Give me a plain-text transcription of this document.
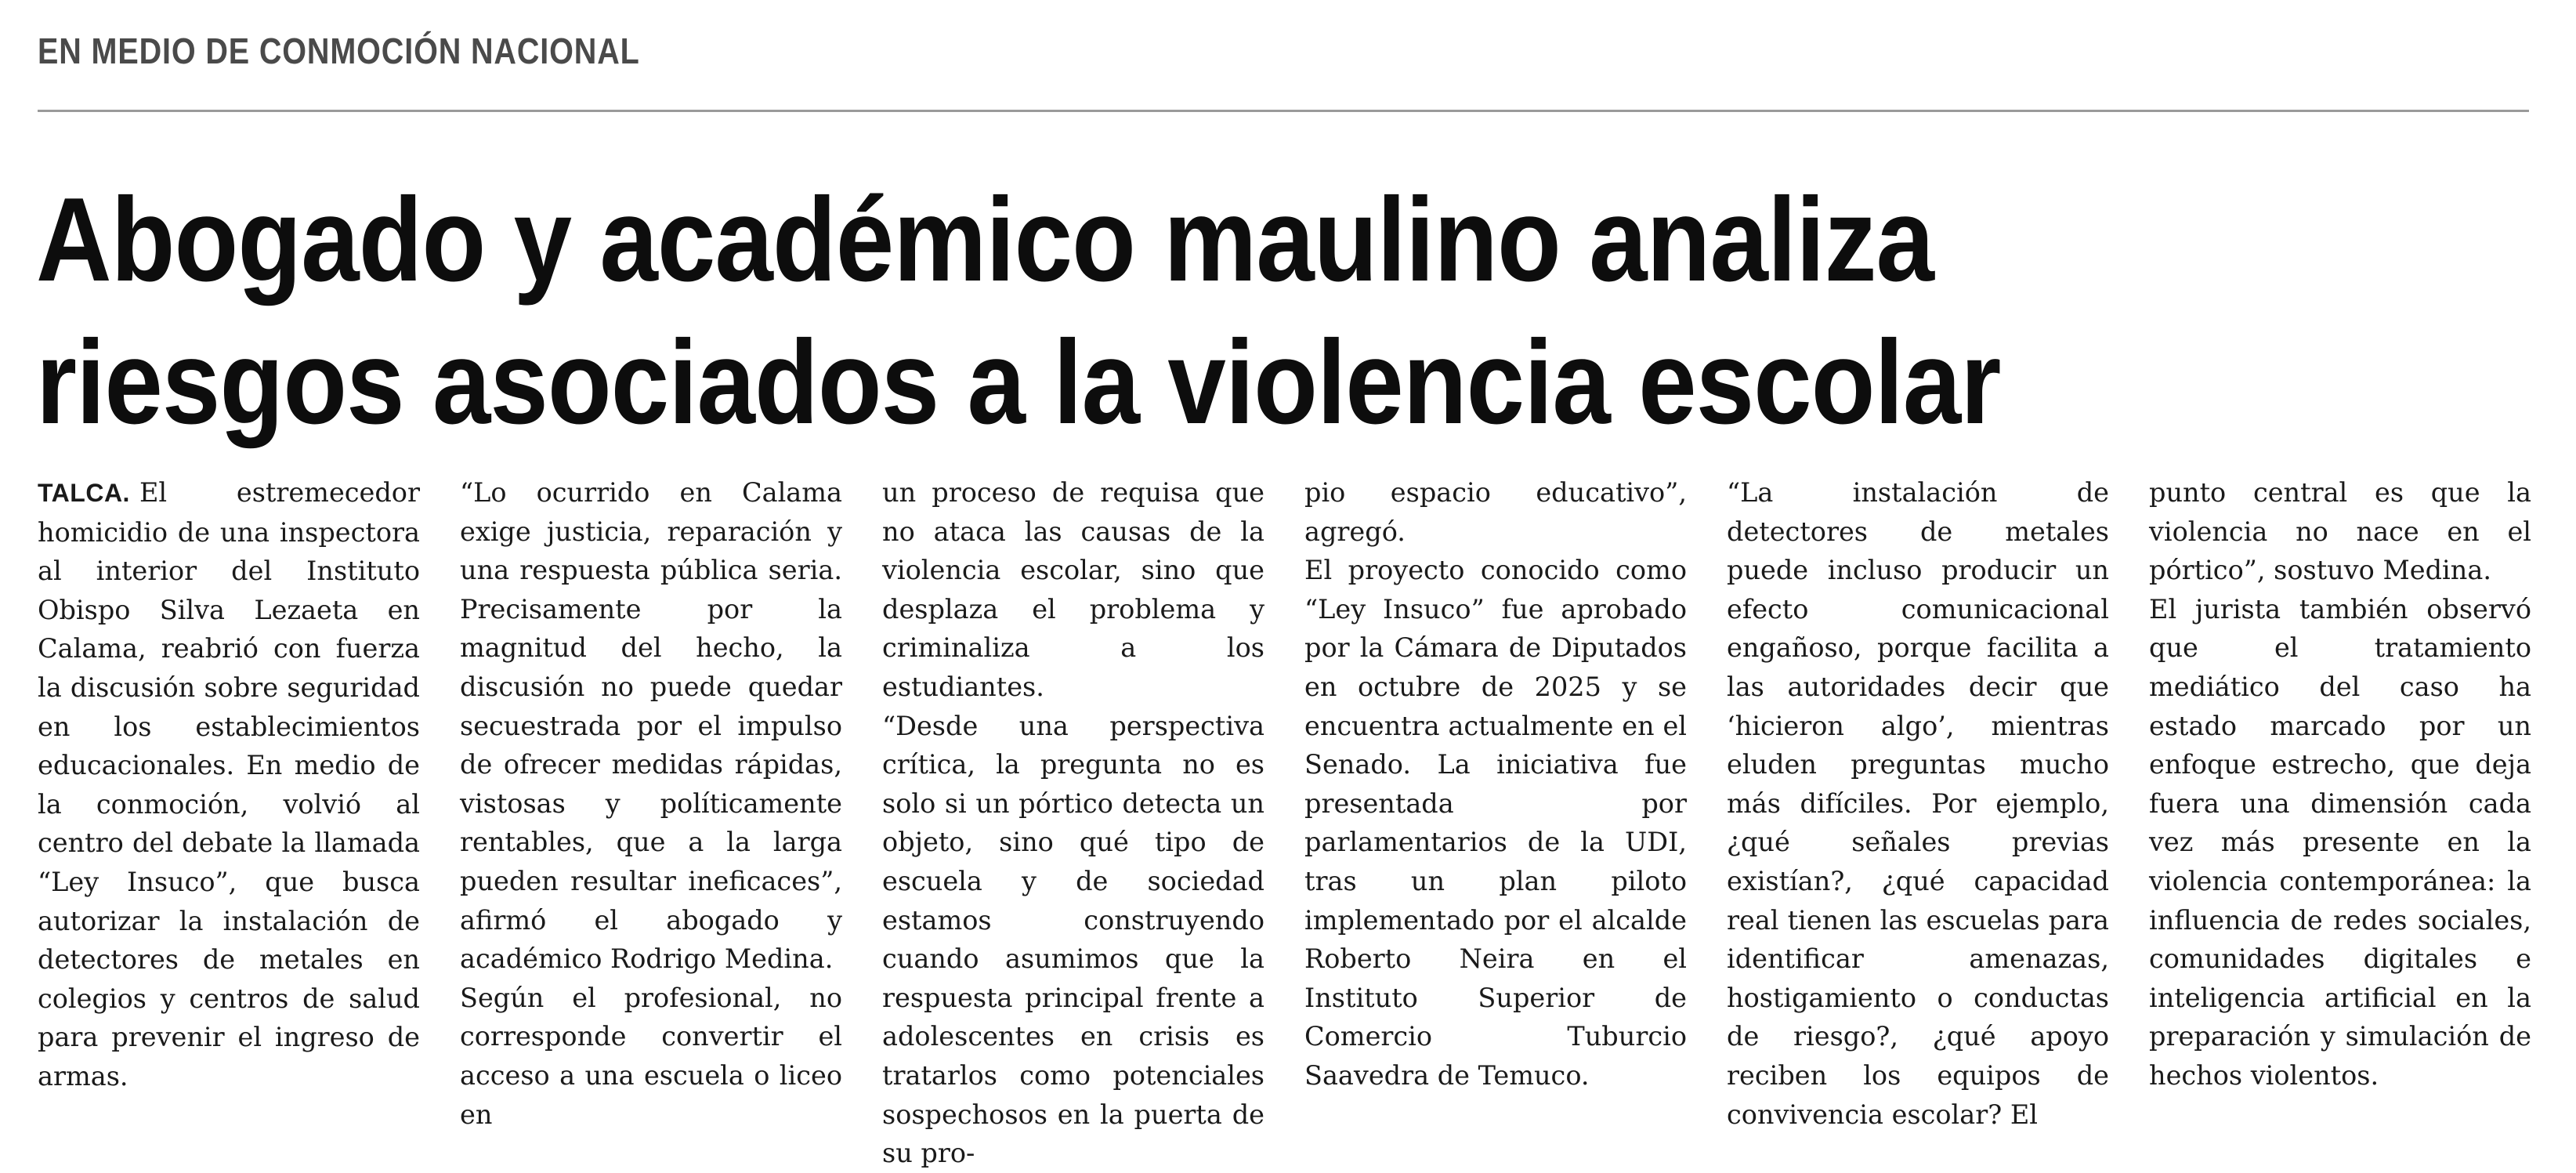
EN MEDIO DE CONMOCIÓN NACIONAL
Abogado y académico maulino analiza
riesgos asociados a la violencia escolar

TALCA. El estremecedor homicidio de una inspectora al interior del Instituto Obispo Silva Lezaeta en Calama, reabrió con fuerza la discusión sobre seguridad en los establecimientos educacionales. En medio de la conmoción, volvió al centro del debate la llamada “Ley Insuco”, que busca autorizar la instalación de detectores de metales en colegios y centros de salud para prevenir el ingreso de armas.

“Lo ocurrido en Calama exige justicia, reparación y una respuesta pública seria. Precisamente por la magnitud del hecho, la discusión no puede quedar secuestrada por el impulso de ofrecer medidas rápidas, vistosas y políticamente rentables, que a la larga pueden resultar ineficaces”, afirmó el abogado y académico Rodrigo Medina.

Según el profesional, no corresponde convertir el acceso a una escuela o liceo en

un proceso de requisa que no ataca las causas de la violencia escolar, sino que desplaza el problema y criminaliza a los estudiantes.

“Desde una perspectiva crítica, la pregunta no es solo si un pórtico detecta un objeto, sino qué tipo de escuela y de sociedad estamos construyendo cuando asumimos que la respuesta principal frente a adolescentes en crisis es tratarlos como potenciales sospechosos en la puerta de su pro-

pio espacio educativo”, agregó.

El proyecto conocido como “Ley Insuco” fue aprobado por la Cámara de Diputados en octubre de 2025 y se encuentra actualmente en el Senado. La iniciativa fue presentada por parlamentarios de la UDI, tras un plan piloto implementado por el alcalde Roberto Neira en el Instituto Superior de Comercio Tuburcio Saavedra de Temuco.

“La instalación de detectores de metales puede incluso producir un efecto comunicacional engañoso, porque facilita a las autoridades decir que ‘hicieron algo’, mientras eluden preguntas mucho más difíciles. Por ejemplo, ¿qué señales previas existían?, ¿qué capacidad real tienen las escuelas para identificar amenazas, hostigamiento o conductas de riesgo?, ¿qué apoyo reciben los equipos de convivencia escolar? El

punto central es que la violencia no nace en el pórtico”, sostuvo Medina.

El jurista también observó que el tratamiento mediático del caso ha estado marcado por un enfoque estrecho, que deja fuera una dimensión cada vez más presente en la violencia contemporánea: la influencia de redes sociales, comunidades digitales e inteligencia artificial en la preparación y simulación de hechos violentos.
